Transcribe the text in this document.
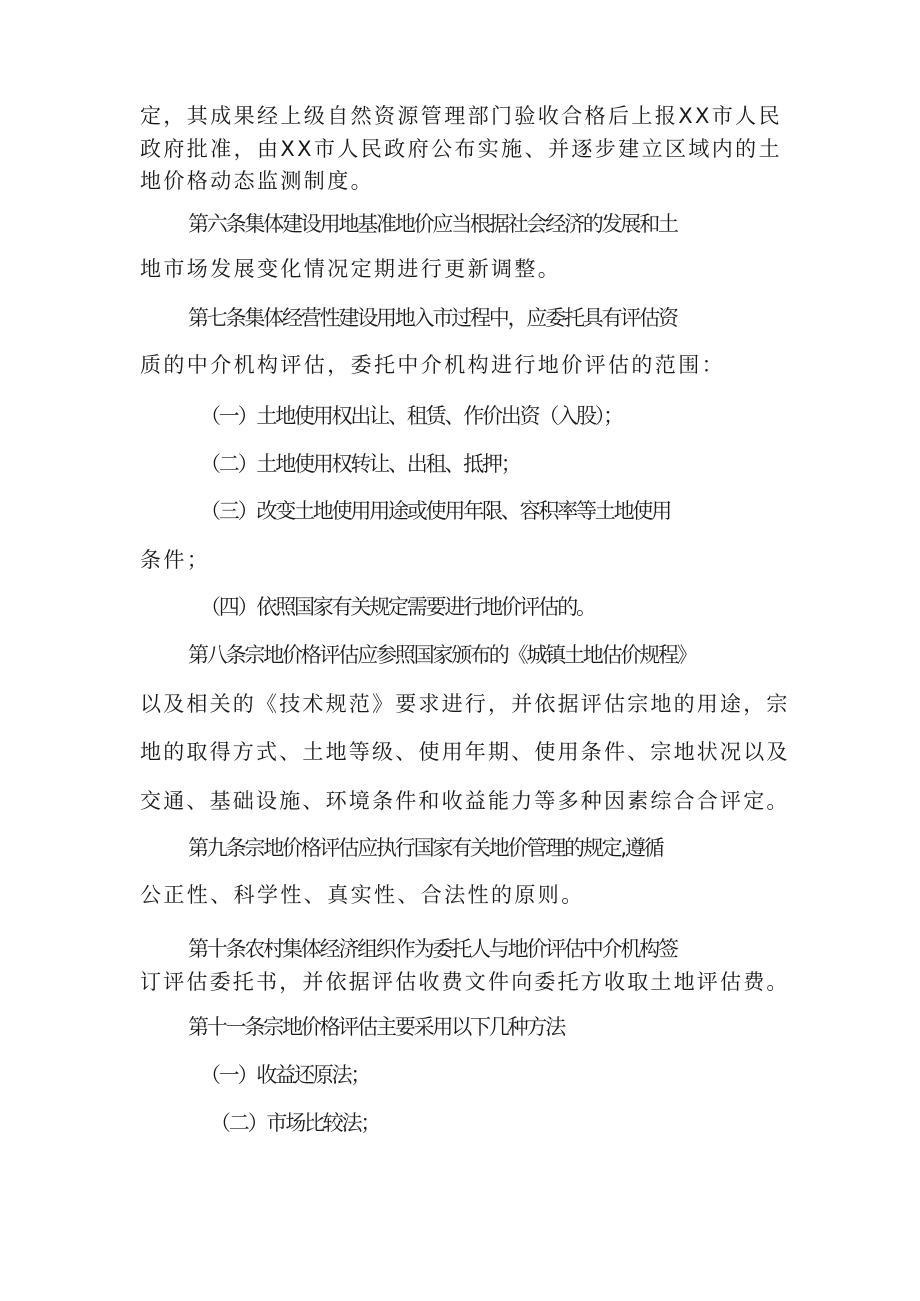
定，其成果经上级自然资源管理部门验收合格后上报XX市人民
政府批准，由XX市人民政府公布实施、并逐步建立区域内的土
地价格动态监测制度。
第六条集体建设用地基准地价应当根据社会经济的发展和土
地市场发展变化情况定期进行更新调整。
第七条集体经营性建设用地入市过程中，应委托具有评估资
质的中介机构评估，委托中介机构进行地价评估的范围：
（一）土地使用权出让、租赁、作价出资（入股）；
（二）土地使用权转让、出租、抵押；
（三）改变土地使用用途或使用年限、容积率等土地使用
条件；
（四）依照国家有关规定需要进行地价评估的。
第八条宗地价格评估应参照国家颁布的《城镇土地估价规程》
以及相关的《技术规范》要求进行，并依据评估宗地的用途，宗
地的取得方式、土地等级、使用年期、使用条件、宗地状况以及
交通、基础设施、环境条件和收益能力等多种因素综合合评定。
第九条宗地价格评估应执行国家有关地价管理的规定,遵循
公正性、科学性、真实性、合法性的原则。
第十条农村集体经济组织作为委托人与地价评估中介机构签
订评估委托书，并依据评估收费文件向委托方收取土地评估费。
第十一条宗地价格评估主要采用以下几种方法
（一）收益还原法；
（二）市场比较法；
